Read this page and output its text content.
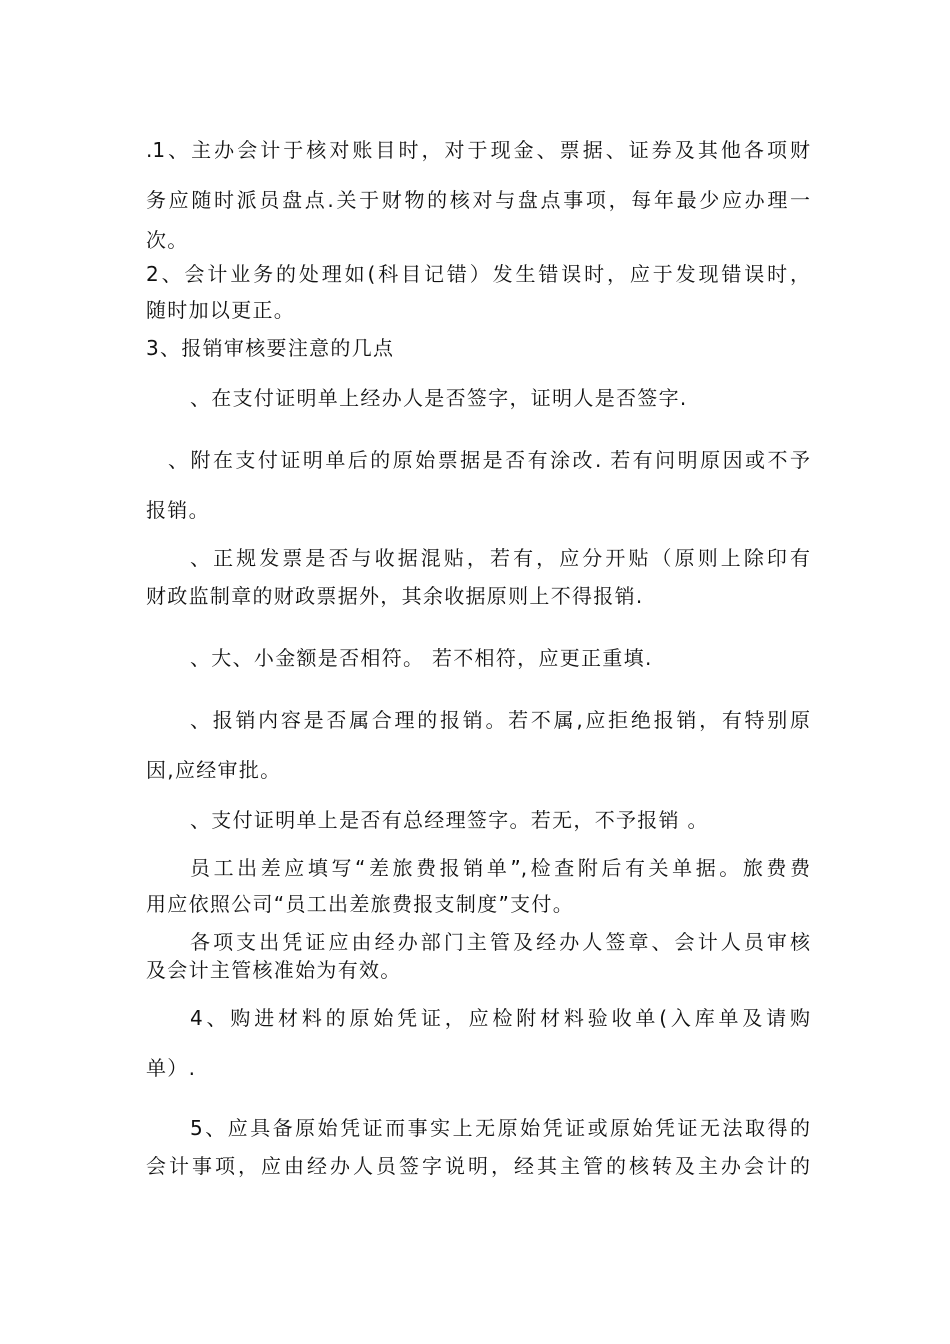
.1、主办会计于核对账目时，对于现金、票据、证券及其他各项财
务应随时派员盘点.关于财物的核对与盘点事项，每年最少应办理一
次。
2、会计业务的处理如(科目记错）发生错误时，应于发现错误时，
随时加以更正。
3、报销审核要注意的几点
、在支付证明单上经办人是否签字，证明人是否签字.
、附在支付证明单后的原始票据是否有涂改. 若有问明原因或不予
报销。
、正规发票是否与收据混贴，若有，应分开贴（原则上除印有
财政监制章的财政票据外，其余收据原则上不得报销.
、大、小金额是否相符。 若不相符，应更正重填.
、报销内容是否属合理的报销。若不属,应拒绝报销，有特别原
因,应经审批。
、支付证明单上是否有总经理签字。若无，不予报销 。
员工出差应填写“差旅费报销单”,检查附后有关单据。旅费费
用应依照公司“员工出差旅费报支制度”支付。
各项支出凭证应由经办部门主管及经办人签章、会计人员审核
及会计主管核准始为有效。
4、购进材料的原始凭证，应检附材料验收单(入库单及请购
单）.
5、应具备原始凭证而事实上无原始凭证或原始凭证无法取得的
会计事项，应由经办人员签字说明，经其主管的核转及主办会计的
